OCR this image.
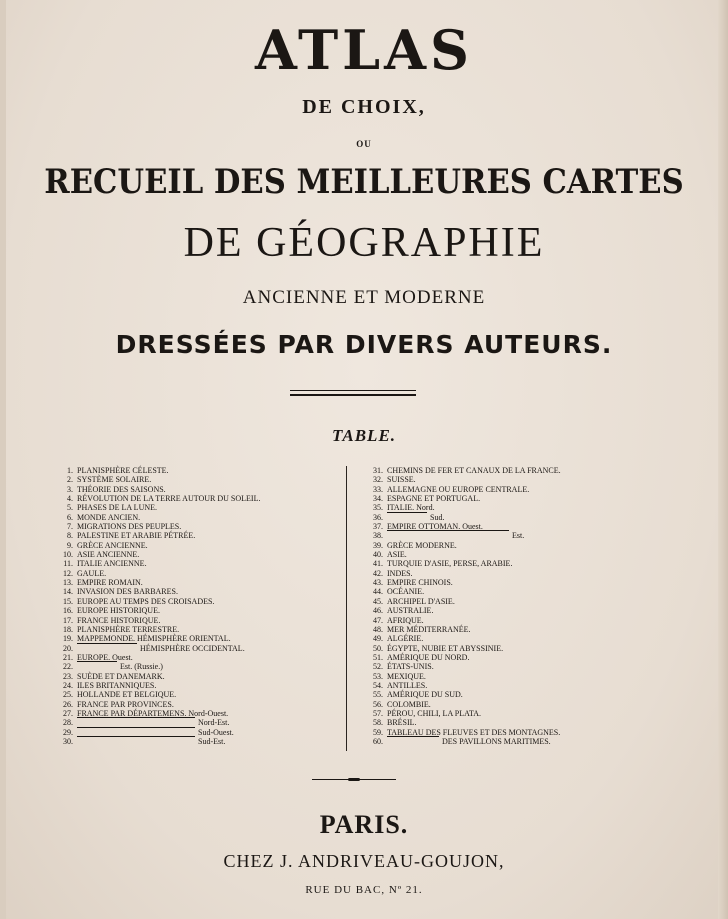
ATLAS
DE CHOIX,
OU
RECUEIL DES MEILLEURES CARTES
DE GÉOGRAPHIE
ANCIENNE ET MODERNE
DRESSÉES PAR DIVERS AUTEURS.
TABLE.
1. PLANISPHÈRE CÉLESTE.
2. SYSTÈME SOLAIRE.
3. THÉORIE DES SAISONS.
4. RÉVOLUTION DE LA TERRE AUTOUR DU SOLEIL.
5. PHASES DE LA LUNE.
6. MONDE ANCIEN.
7. MIGRATIONS DES PEUPLES.
8. PALESTINE ET ARABIE PÉTRÉE.
9. GRÈCE ANCIENNE.
10. ASIE ANCIENNE.
11. ITALIE ANCIENNE.
12. GAULE.
13. EMPIRE ROMAIN.
14. INVASION DES BARBARES.
15. EUROPE AU TEMPS DES CROISADES.
16. EUROPE HISTORIQUE.
17. FRANCE HISTORIQUE.
18. PLANISPHÈRE TERRESTRE.
19. MAPPEMONDE. HÉMISPHÈRE ORIENTAL.
20.	HÉMISPHÈRE OCCIDENTAL.
21. EUROPE. Ouest.
22.	Est. (Russie.)
23. SUÈDE ET DANEMARK.
24. ILES BRITANNIQUES.
25. HOLLANDE ET BELGIQUE.
26. FRANCE PAR PROVINCES.
27. FRANCE PAR DÉPARTEMENS. Nord-Ouest.
28.	Nord-Est.
29.	Sud-Ouest.
30.	Sud-Est.
31. CHEMINS DE FER ET CANAUX DE LA FRANCE.
32. SUISSE.
33. ALLEMAGNE OU EUROPE CENTRALE.
34. ESPAGNE ET PORTUGAL.
35. ITALIE. Nord.
36.	Sud.
37. EMPIRE OTTOMAN. Ouest.
38.	Est.
39. GRÈCE MODERNE.
40. ASIE.
41. TURQUIE D'ASIE, PERSE, ARABIE.
42. INDES.
43. EMPIRE CHINOIS.
44. OCÉANIE.
45. ARCHIPEL D'ASIE.
46. AUSTRALIE.
47. AFRIQUE.
48. MER MÉDITERRANÉE.
49. ALGÉRIE.
50. ÉGYPTE, NUBIE ET ABYSSINIE.
51. AMÉRIQUE DU NORD.
52. ÉTATS-UNIS.
53. MEXIQUE.
54. ANTILLES.
55. AMÉRIQUE DU SUD.
56. COLOMBIE.
57. PÉROU, CHILI, LA PLATA.
58. BRÉSIL.
59. TABLEAU DES FLEUVES ET DES MONTAGNES.
60.	DES PAVILLONS MARITIMES.
PARIS.
CHEZ J. ANDRIVEAU-GOUJON,
RUE DU BAC, Nº 21.
